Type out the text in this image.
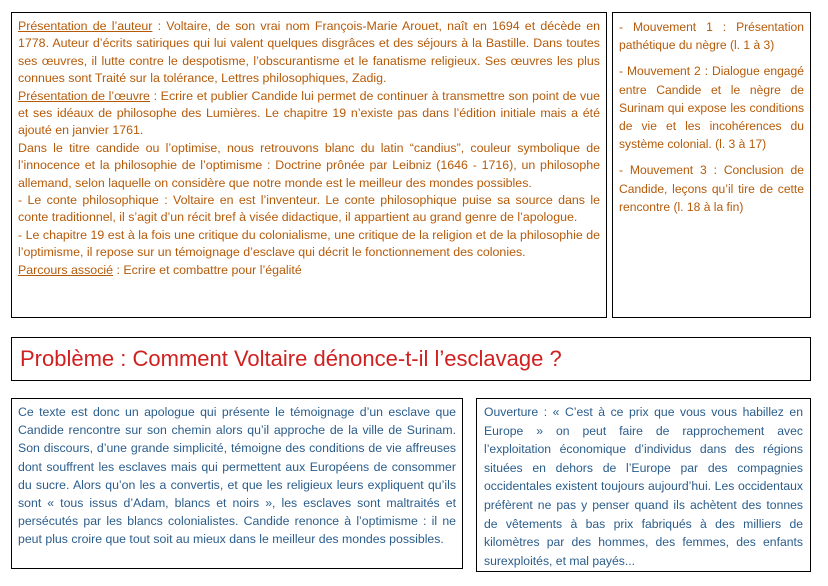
Présentation de l’auteur : Voltaire, de son vrai nom François-Marie Arouet, naît en 1694 et décède en 1778. Auteur d’écrits satiriques qui lui valent quelques disgrâces et des séjours à la Bastille. Dans toutes ses œuvres, il lutte contre le despotisme, l’obscurantisme et le fanatisme religieux. Ses œuvres les plus connues sont Traité sur la tolérance, Lettres philosophiques, Zadig.

Présentation de l’œuvre : Ecrire et publier Candide lui permet de continuer à transmettre son point de vue et ses idéaux de philosophe des Lumières. Le chapitre 19 n’existe pas dans l’édition initiale mais a été ajouté en janvier 1761.

Dans le titre candide ou l’optimise, nous retrouvons blanc du latin “candius”, couleur symbolique de l’innocence et la philosophie de l’optimisme : Doctrine prônée par Leibniz (1646 - 1716), un philosophe allemand, selon laquelle on considère que notre monde est le meilleur des mondes possibles.

- Le conte philosophique : Voltaire en est l’inventeur. Le conte philosophique puise sa source dans le conte traditionnel, il s’agit d’un récit bref à visée didactique, il appartient au grand genre de l’apologue.

- Le chapitre 19 est à la fois une critique du colonialisme, une critique de la religion et de la philosophie de l’optimisme, il repose sur un témoignage d’esclave qui décrit le fonctionnement des colonies.

Parcours associé : Ecrire et combattre pour l’égalité

- Mouvement 1 : Présentation pathétique du nègre (l. 1 à 3)

- Mouvement 2 : Dialogue engagé entre Candide et le nègre de Surinam qui expose les conditions de vie et les incohérences du système colonial. (l. 3 à 17)

- Mouvement 3 : Conclusion de Candide, leçons qu’il tire de cette rencontre (l. 18 à la fin)

Problème : Comment Voltaire dénonce-t-il l’esclavage ?

Ce texte est donc un apologue qui présente le témoignage d’un esclave que Candide rencontre sur son chemin alors qu’il approche de la ville de Surinam. Son discours, d’une grande simplicité, témoigne des conditions de vie affreuses dont souffrent les esclaves mais qui permettent aux Européens de consommer du sucre. Alors qu’on les a convertis, et que les religieux leurs expliquent qu’ils sont « tous issus d’Adam, blancs et noirs », les esclaves sont maltraités et persécutés par les blancs colonialistes. Candide renonce à l’optimisme : il ne peut plus croire que tout soit au mieux dans le meilleur des mondes possibles.

Ouverture : « C’est à ce prix que vous vous habillez en Europe » on peut faire de rapprochement avec l’exploitation économique d’individus dans des régions situées en dehors de l’Europe par des compagnies occidentales existent toujours aujourd’hui. Les occidentaux préfèrent ne pas y penser quand ils achètent des tonnes de vêtements à bas prix fabriqués à des milliers de kilomètres par des hommes, des femmes, des enfants surexploités, et mal payés...
